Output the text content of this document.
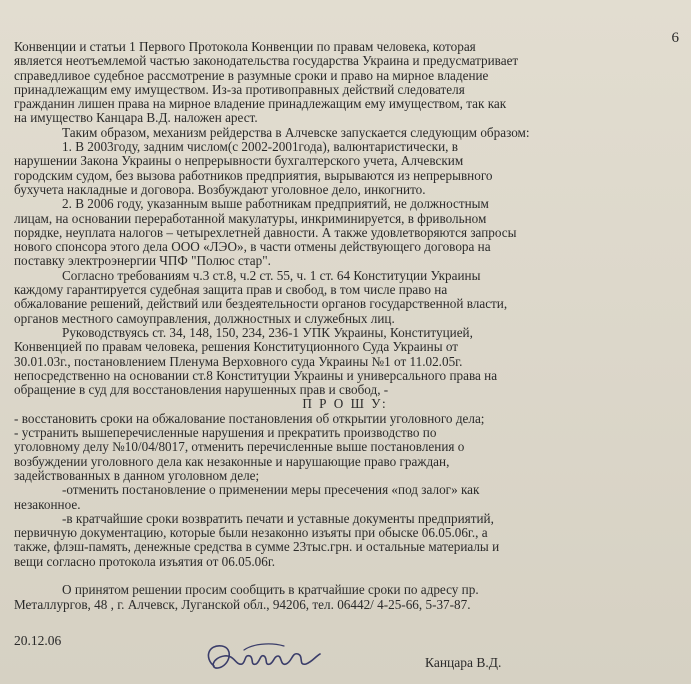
6
Конвенции и статьи 1 Первого Протокола Конвенции по правам человека, которая
является неотъемлемой частью законодательства государства Украина и предусматривает
справедливое судебное рассмотрение в разумные сроки и право на мирное владение
принадлежащим ему имуществом. Из-за противоправных действий следователя
гражданин лишен права на мирное владение принадлежащим ему имуществом, так как
на имущество Канцара В.Д. наложен арест.
Таким образом, механизм рейдерства в Алчевске запускается следующим образом:
1. В 2003году, задним числом(с 2002-2001года), валюнтаристически, в
нарушении Закона Украины о непрерывности бухгалтерского учета, Алчевским
городским судом, без вызова работников предприятия, вырываются из непрерывного
бухучета накладные и договора. Возбуждают уголовное дело, инкогнито.
2. В 2006 году, указанным выше работникам предприятий, не должностным
лицам, на основании переработанной макулатуры, инкриминируется, в фривольном
порядке, неуплата налогов – четырехлетней давности. А также удовлетворяются запросы
нового спонсора этого дела ООО «ЛЭО», в части отмены действующего договора на
поставку электроэнергии ЧПФ "Полюс стар".
Согласно требованиям ч.3 ст.8, ч.2 ст. 55, ч. 1 ст. 64 Конституции Украины
каждому гарантируется судебная защита прав и свобод, в том числе право на
обжалование решений, действий или бездеятельности органов государственной власти,
органов местного самоуправления, должностных и служебных лиц.
Руководствуясь ст. 34, 148, 150, 234, 236-1 УПК Украины, Конституцией,
Конвенцией по правам человека, решения Конституционного Суда Украины от
30.01.03г., постановлением Пленума Верховного суда Украины №1 от 11.02.05г.
непосредственно на основании ст.8 Конституции Украины и универсального права на
обращение в суд для восстановления нарушенных прав и свобод, -
П Р О Ш У:
- восстановить сроки на обжалование постановления об открытии уголовного дела;
- устранить вышеперечисленные нарушения и прекратить производство по
уголовному делу №10/04/8017, отменить перечисленные выше постановления о
возбуждении уголовного дела как незаконные и нарушающие право граждан,
задействованных в данном уголовном деле;
-отменить постановление о применении меры пресечения «под залог» как
незаконное.
-в кратчайшие сроки возвратить печати и уставные документы предприятий,
первичную документацию, которые были незаконно изъяты при обыске 06.05.06г., а
также, флэш-память, денежные средства в сумме 23тыс.грн. и остальные материалы и
вещи согласно протокола изъятия от 06.05.06г.

О принятом решении просим сообщить в кратчайшие сроки по адресу пр.
Металлургов, 48 , г. Алчевск, Луганской обл., 94206, тел. 06442/ 4-25-66, 5-37-87.
20.12.06
Канцара В.Д.
